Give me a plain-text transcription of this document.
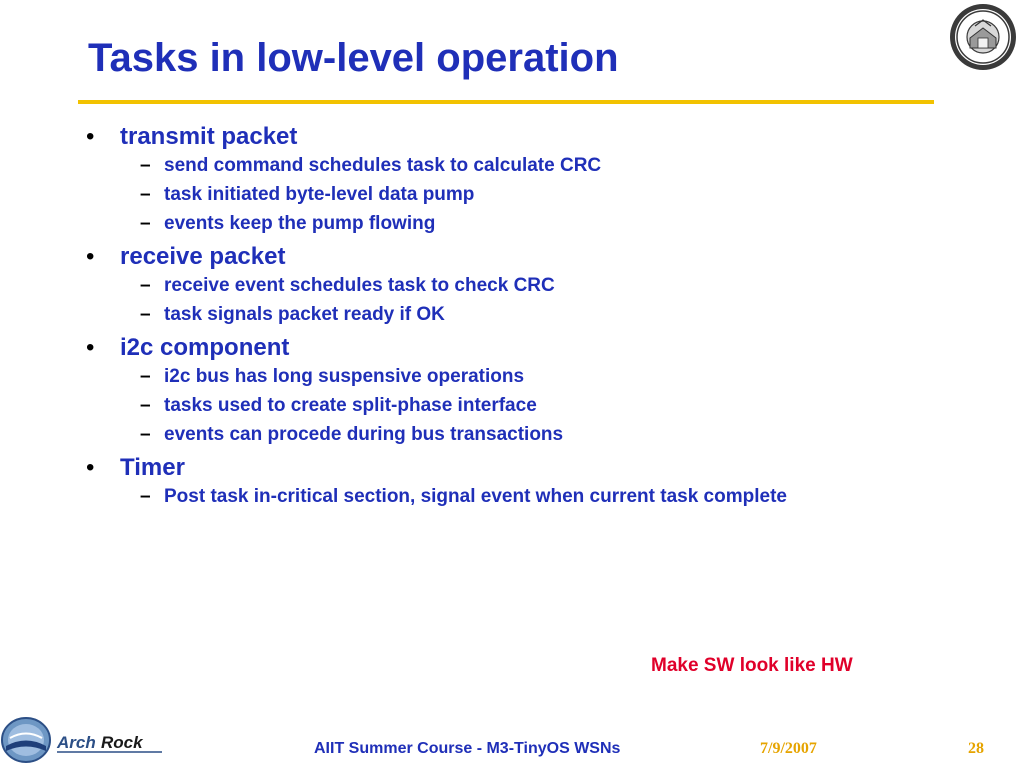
Tasks in low-level operation
• transmit packet
– send command schedules task to calculate CRC
– task initiated byte-level data pump
– events keep the pump flowing
• receive packet
– receive event schedules task to check CRC
– task signals packet ready if OK
• i2c component
– i2c bus has long suspensive operations
– tasks used to create split-phase interface
– events can procede during bus transactions
• Timer
– Post task in-critical section, signal event when current task complete
Make SW look like HW
Arch Rock	AIIT Summer Course - M3-TinyOS WSNs	7/9/2007	28
